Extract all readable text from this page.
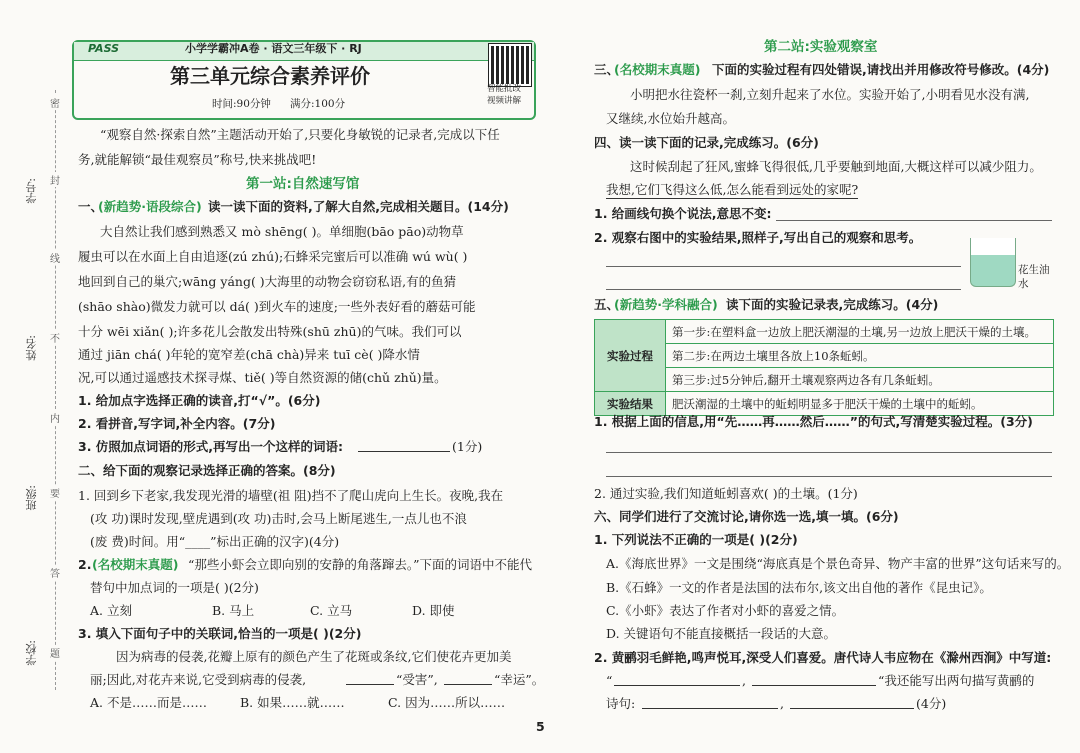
密
封
线
不
内
要
答
题
学号:
姓名:
班级:
学校:
PASS	小学学霸冲A卷 · 语文三年级下 · RJ
第三单元综合素养评价
时间:90分钟 满分:100分
智能批改
视频讲解
“观察自然·探索自然”主题活动开始了,只要化身敏锐的记录者,完成以下任
务,就能解锁“最佳观察员”称号,快来挑战吧!
第一站:自然速写馆
一、
(新趋势·语段综合) 读一读下面的资料,了解大自然,完成相关题目。(14分)
大自然让我们感到熟悉又 mò shēng( )。单细胞(bāo pāo)动物草
履虫可以在水面上自由追逐(zú zhú);石蜂采完蜜后可以准确 wú wù( )
地回到自己的巢穴;wāng yáng( )大海里的动物会窃窃私语,有的鱼猜
(shāo shào)微发力就可以 dá( )到火车的速度;一些外表好看的蘑菇可能
十分 wēi xiǎn( );许多花儿会散发出特殊(shū zhū)的气味。我们可以
通过 jiān chá( )年轮的宽窄差(chā chà)异来 tuī cè( )降水情
况,可以通过遥感技术探寻煤、tiě( )等自然资源的储(chǔ zhǔ)量。
1. 给加点字选择正确的读音,打“√”。(6分)
2. 看拼音,写字词,补全内容。(7分)
3. 仿照加点词语的形式,再写出一个这样的词语:	(1分)
二、给下面的观察记录选择正确的答案。(8分)
1. 回到乡下老家,我发现光滑的墙壁(祖 阻)挡不了爬山虎向上生长。夜晚,我在
(攻 功)课时发现,壁虎遇到(攻 功)击时,会马上断尾逃生,一点儿也不浪
(废 费)时间。用“____”标出正确的汉字)(4分)
2. (名校期末真题) “那些小虾会立即向别的安静的角落蹿去。”下面的词语中不能代
替句中加点词的一项是( )(2分)
A. 立刻	B. 马上	C. 立马	D. 即使
3. 填入下面句子中的关联词,恰当的一项是( )(2分)
因为病毒的侵袭,花瓣上原有的颜色产生了花斑或条纹,它们使花卉更加美
丽;因此,对花卉来说,它受到病毒的侵袭,	“受害”,	“幸运”。
A. 不是……而是……	B. 如果……就……	C. 因为……所以……
5
第二站:实验观察室
三、
(名校期末真题) 下面的实验过程有四处错误,请找出并用修改符号修改。(4分)
小明把水往瓷杯一刹,立刻升起来了水位。实验开始了,小明看见水没有满,
又继续,水位始升越高。
四、读一读下面的记录,完成练习。(6分)
这时候刮起了狂风,蜜蜂飞得很低,几乎要触到地面,大概这样可以减少阻力。
我想,它们飞得这么低,怎么能看到远处的家呢?
1. 给画线句换个说法,意思不变:
2. 观察右图中的实验结果,照样子,写出自己的观察和思考。
花生油
水
五、
(新趋势·学科融合) 读下面的实验记录表,完成练习。(4分)
实验过程	第一步:在塑料盒一边放上肥沃潮湿的土壤,另一边放上肥沃干燥的土壤。
	第二步:在两边土壤里各放上10条蚯蚓。
	第三步:过5分钟后,翻开土壤观察两边各有几条蚯蚓。
实验结果	肥沃潮湿的土壤中的蚯蚓明显多于肥沃干燥的土壤中的蚯蚓。
1. 根据上面的信息,用“先……再……然后……”的句式,写清楚实验过程。(3分)
2. 通过实验,我们知道蚯蚓喜欢( )的土壤。(1分)
六、同学们进行了交流讨论,请你选一选,填一填。(6分)
1. 下列说法不正确的一项是( )(2分)
A.《海底世界》一文是围绕“海底真是个景色奇异、物产丰富的世界”这句话来写的。
B.《石蜂》一文的作者是法国的法布尔,该文出自他的著作《昆虫记》。
C.《小虾》表达了作者对小虾的喜爱之情。
D. 关键语句不能直接概括一段话的大意。
2. 黄鹂羽毛鲜艳,鸣声悦耳,深受人们喜爱。唐代诗人韦应物在《滁州西涧》中写道:
“	,	“我还能写出两句描写黄鹂的
诗句:	,	(4分)
